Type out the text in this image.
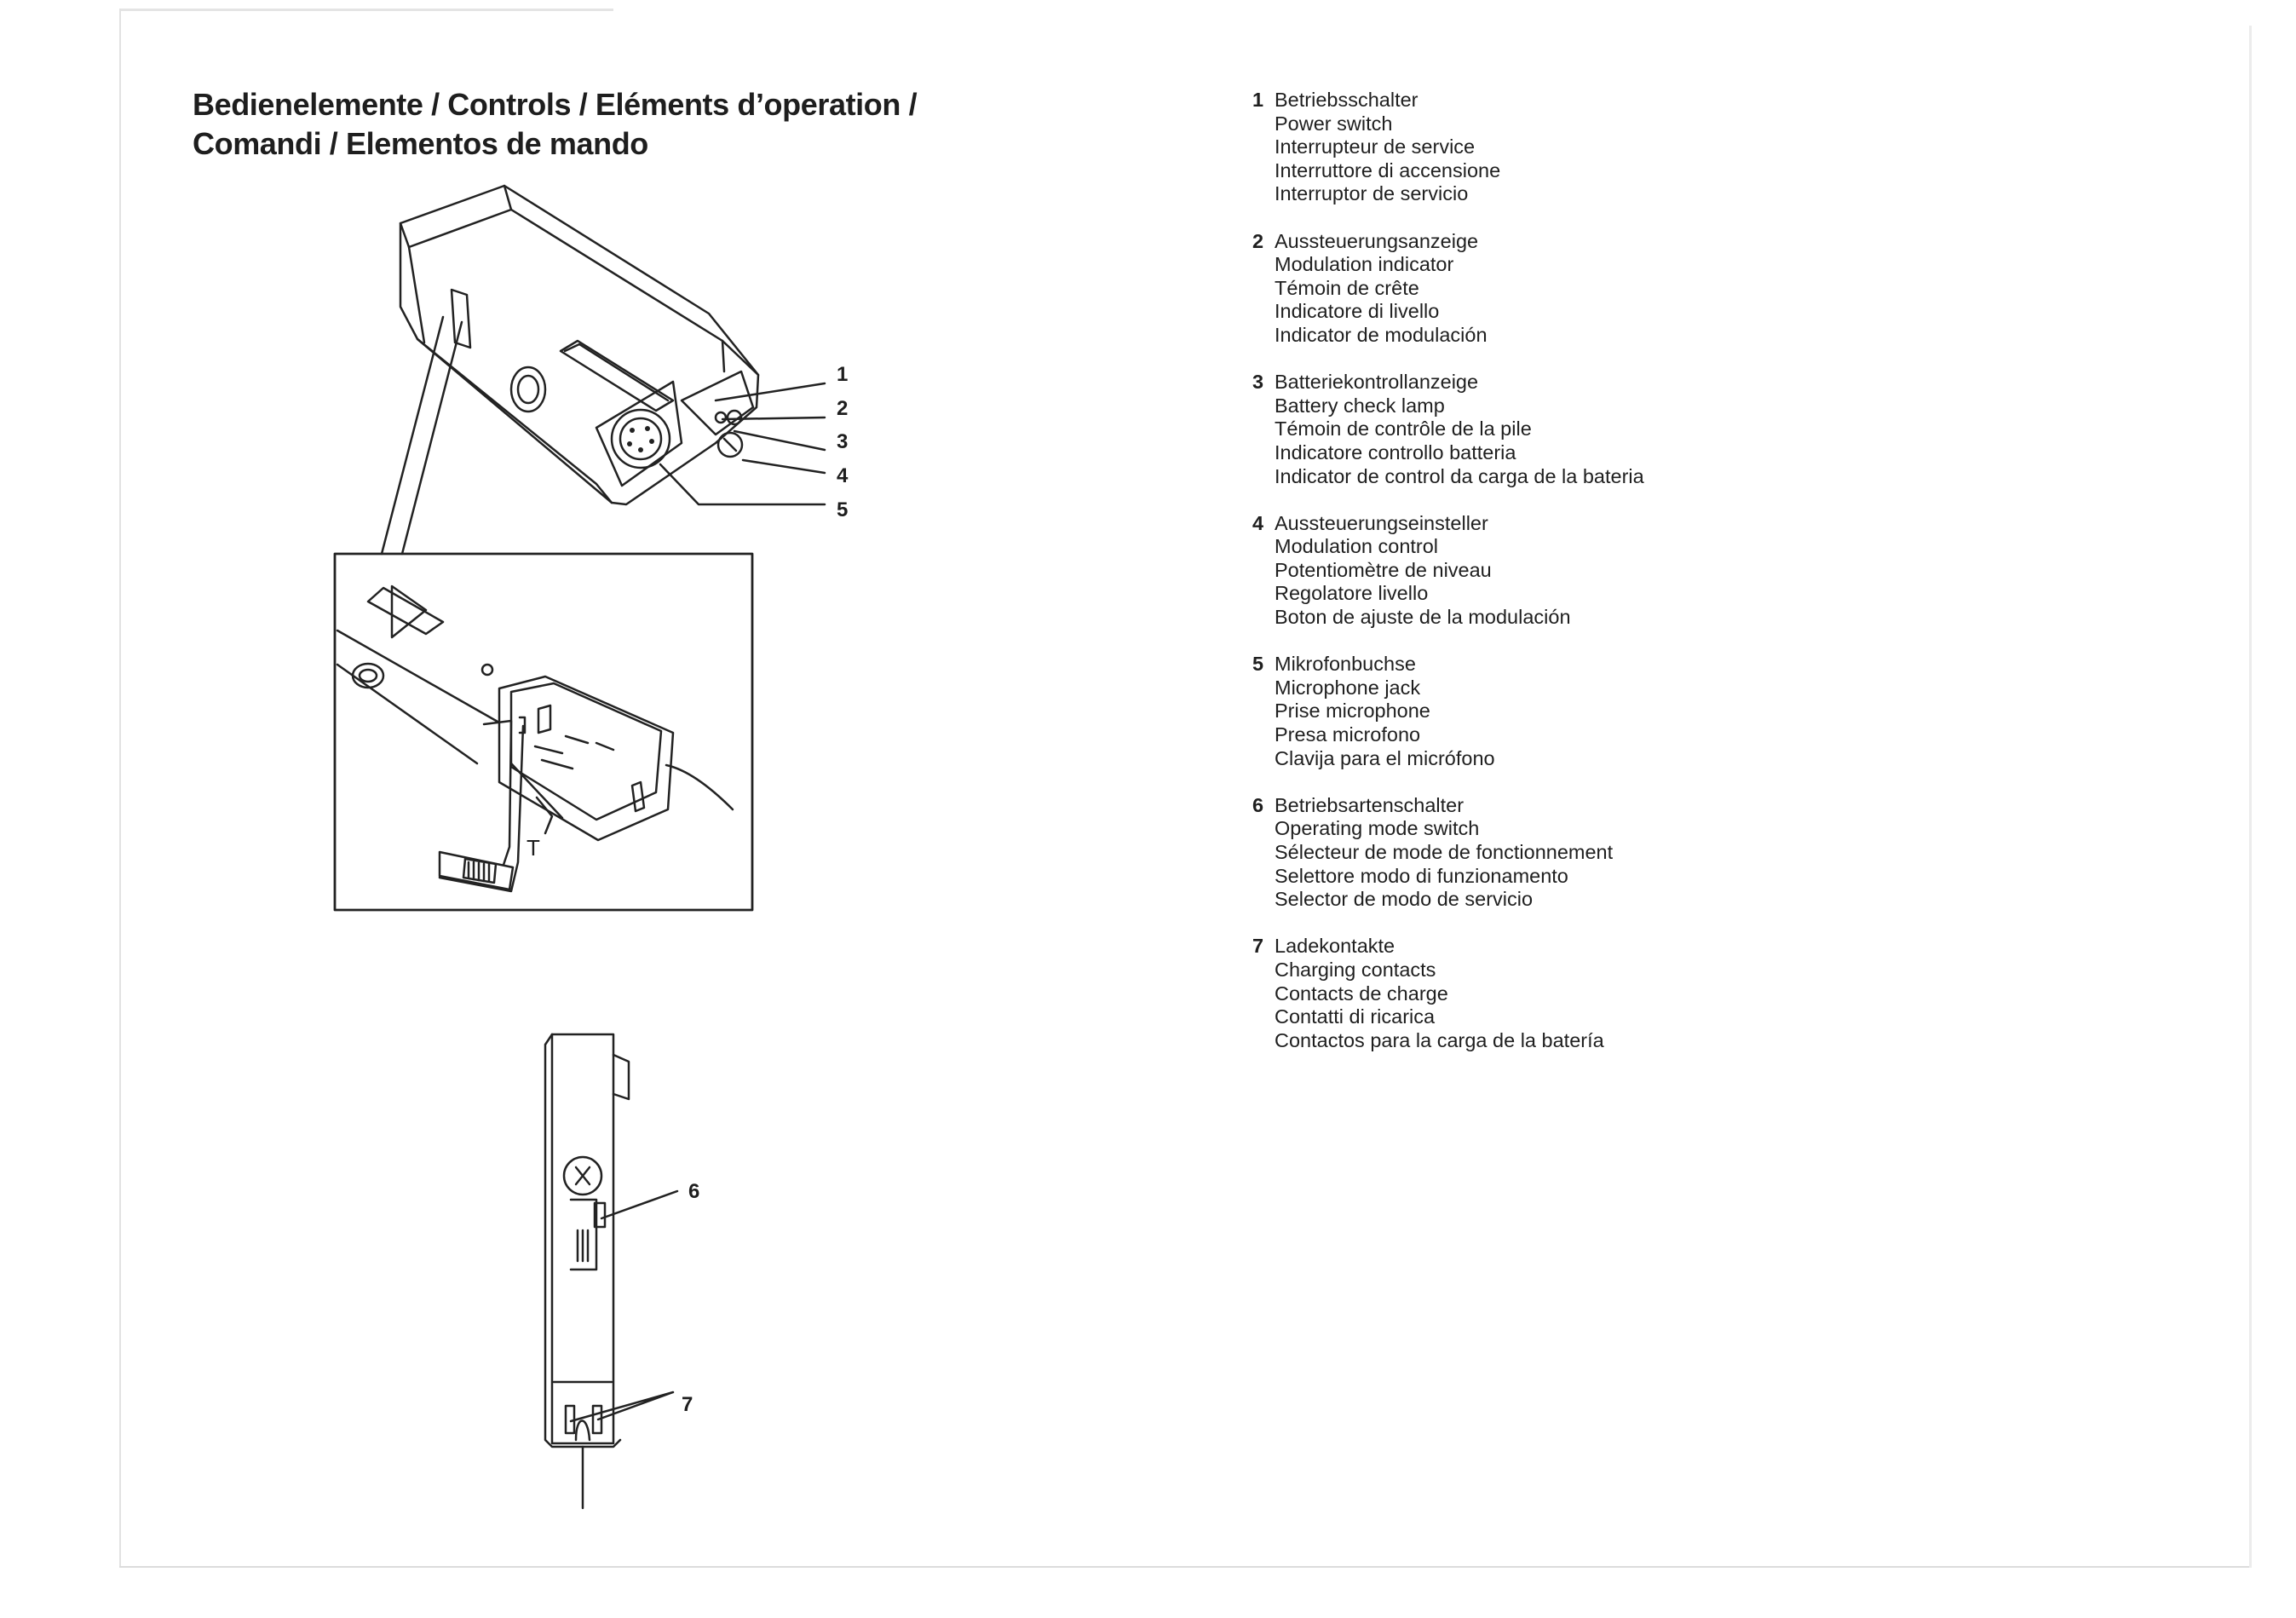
Bedienelemente / Controls / Eléments d’operation /
Comandi / Elementos de mando
1
2
3
4
5
6
7
T
1 Betriebsschalter
Power switch
Interrupteur de service
Interruttore di accensione
Interruptor de servicio
2 Aussteuerungsanzeige
Modulation indicator
Témoin de crête
Indicatore di livello
Indicator de modulación
3 Batteriekontrollanzeige
Battery check lamp
Témoin de contrôle de la pile
Indicatore controllo batteria
Indicator de control da carga de la bateria
4 Aussteuerungseinsteller
Modulation control
Potentiomètre de niveau
Regolatore livello
Boton de ajuste de la modulación
5 Mikrofonbuchse
Microphone jack
Prise microphone
Presa microfono
Clavija para el micrófono
6 Betriebsartenschalter
Operating mode switch
Sélecteur de mode de fonctionnement
Selettore modo di funzionamento
Selector de modo de servicio
7 Ladekontakte
Charging contacts
Contacts de charge
Contatti di ricarica
Contactos para la carga de la batería
